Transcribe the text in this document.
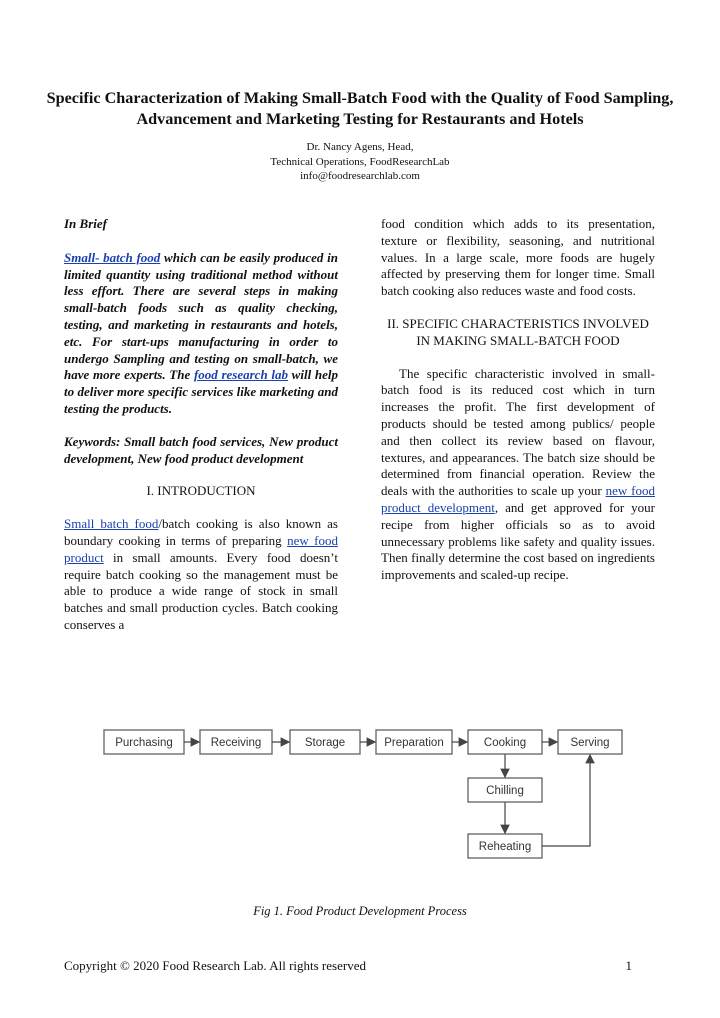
Specific Characterization of Making Small-Batch Food with the Quality of Food Sampling, Advancement and Marketing Testing for Restaurants and Hotels
Dr. Nancy Agens, Head,
Technical Operations, FoodResearchLab
info@foodresearchlab.com

In Brief

Small- batch food which can be easily produced in limited quantity using traditional method without less effort. There are several steps in making small-batch foods such as quality checking, testing, and marketing in restaurants and hotels, etc. For start-ups manufacturing in order to undergo Sampling and testing on small-batch, we have more experts. The food research lab will help to deliver more specific services like marketing and testing the products.

Keywords: Small batch food services, New product development, New food product development

I. INTRODUCTION

Small batch food/batch cooking is also known as boundary cooking in terms of preparing new food product in small amounts. Every food doesn’t require batch cooking so the management must be able to produce a wide range of stock in small batches and small production cycles. Batch cooking conserves a

food condition which adds to its presentation, texture or flexibility, seasoning, and nutritional values. In a large scale, more foods are hugely affected by preserving them for longer time. Small batch cooking also reduces waste and food costs.

II. SPECIFIC CHARACTERISTICS INVOLVED IN MAKING SMALL-BATCH FOOD

The specific characteristic involved in small-batch food is its reduced cost which in turn increases the profit. The first development of products should be tested among publics/ people and then collect its review based on flavour, textures, and appearances. The batch size should be determined from financial operation. Review the deals with the authorities to scale up your new food product development, and get approved for your recipe from higher officials so as to avoid unnecessary problems like safety and quality issues. Then finally determine the cost based on ingredients improvements and scaled-up recipe.

Purchasing	Receiving	Storage	Preparation	Cooking	Serving
Chilling
Reheating
Fig 1. Food Product Development Process
Copyright © 2020 Food Research Lab. All rights reserved	1
